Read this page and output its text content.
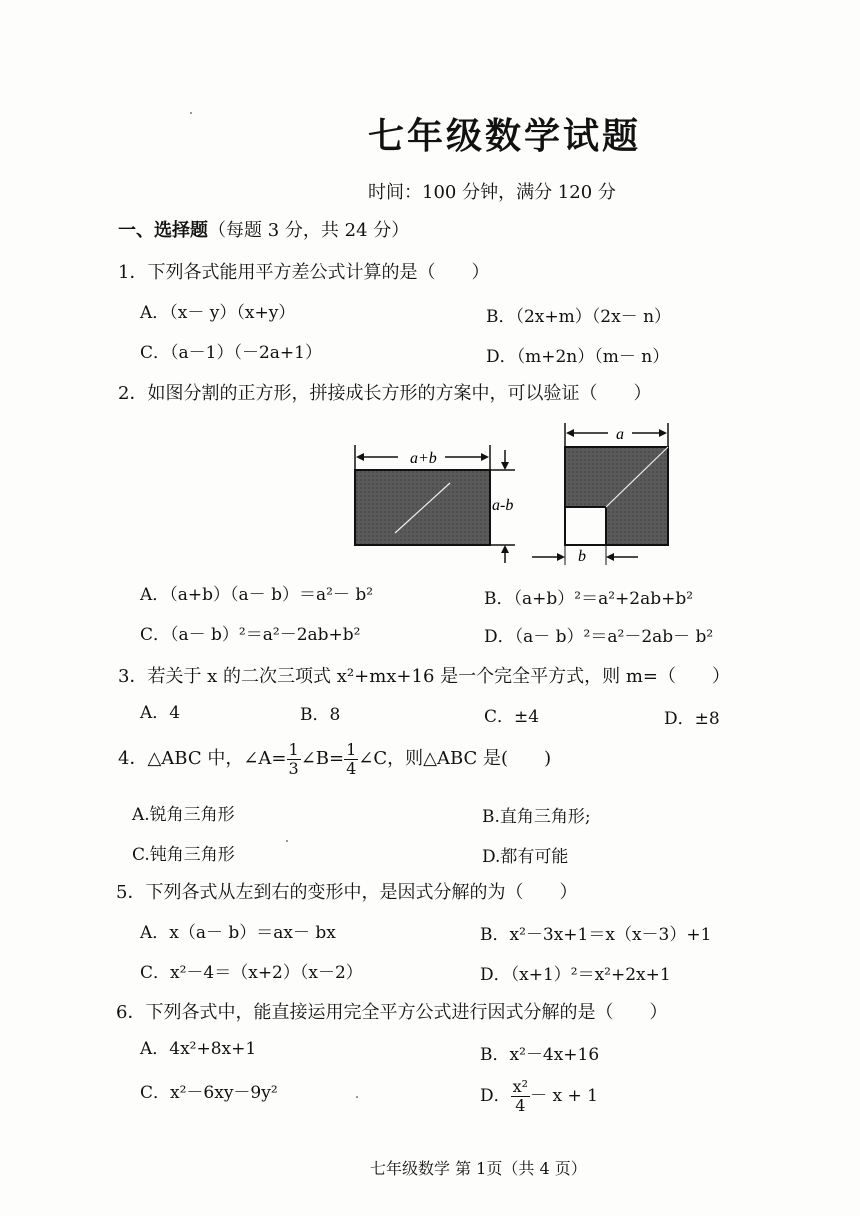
七年级数学试题
时间：100 分钟，满分 120 分
一、选择题（每题 3 分，共 24 分）
1．下列各式能用平方差公式计算的是（　　）
A．（x－ y）（x+y）	B．（2x+m）（2x－ n）
C．（a－1）（－2a+1）	D．（m+2n）（m－ n）
2．如图分割的正方形，拼接成长方形的方案中，可以验证（　　）
a+b
a-b
a
b
A．（a+b）（a－ b）＝a²－ b²	B．（a+b）²＝a²+2ab+b²
C．（a－ b）²＝a²－2ab+b²	D．（a－ b）²＝a²－2ab－ b²
3．若关于 x 的二次三项式 x²+mx+16 是一个完全平方式，则 m=（　　）
A．4	B．8	C．±4	D．±8
4．△ABC 中，∠A= $\frac{1}{3}$ ∠B= $\frac{1}{4}$ ∠C，则△ABC 是(　　)
A.锐角三角形	B.直角三角形;
C.钝角三角形	D.都有可能
5．下列各式从左到右的变形中，是因式分解的为（　　）
A．x（a－ b）＝ax－ bx	B．x²－3x+1＝x（x－3）+1
C．x²－4＝（x+2）（x－2）	D．（x+1）²＝x²+2x+1
6．下列各式中，能直接运用完全平方公式进行因式分解的是（　　）
A．4x²+8x+1	B．x²－4x+16
C．x²－6xy－9y²	D． $\frac{\text{x²}}{4} - x + 1$
七年级数学 第 1页（共 4 页）
